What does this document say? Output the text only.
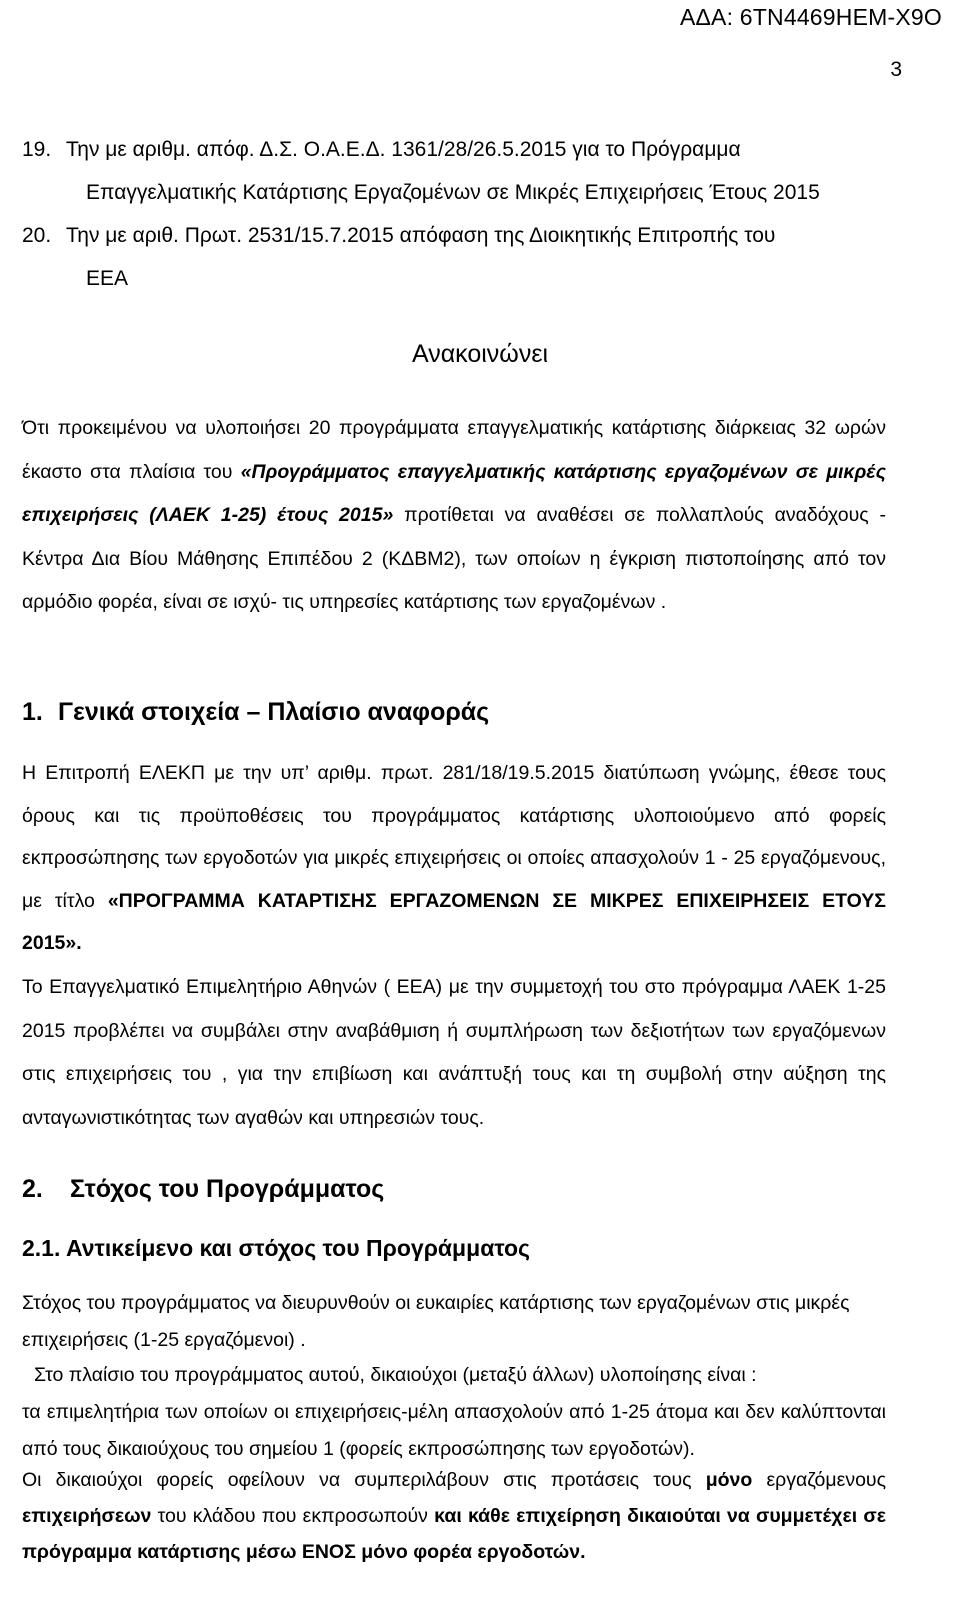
ΑΔΑ: 6ΤΝ4469ΗΕΜ-Χ9Ο
3
19. Την με αριθμ. απόφ. Δ.Σ. Ο.Α.Ε.Δ. 1361/28/26.5.2015 για το Πρόγραμμα
Επαγγελματικής Κατάρτισης Εργαζομένων σε Μικρές Επιχειρήσεις Έτους 2015
20. Την με αριθ. Πρωτ. 2531/15.7.2015 απόφαση της Διοικητικής Επιτροπής του
ΕΕΑ
Ανακοινώνει
Ότι προκειμένου να υλοποιήσει 20 προγράμματα επαγγελματικής κατάρτισης διάρκειας 32 ωρών έκαστο στα πλαίσια του «Προγράμματος επαγγελματικής κατάρτισης εργαζομένων σε μικρές επιχειρήσεις (ΛΑΕΚ 1-25) έτους 2015» προτίθεται να αναθέσει σε πολλαπλούς αναδόχους - Κέντρα Δια Βίου Μάθησης Επιπέδου 2 (ΚΔΒΜ2), των οποίων η έγκριση πιστοποίησης από τον αρμόδιο φορέα, είναι σε ισχύ- τις υπηρεσίες κατάρτισης των εργαζομένων .
1. Γενικά στοιχεία – Πλαίσιο αναφοράς
Η Επιτροπή ΕΛΕΚΠ με την υπ’ αριθμ. πρωτ. 281/18/19.5.2015 διατύπωση γνώμης, έθεσε τους όρους και τις προϋποθέσεις του προγράμματος κατάρτισης υλοποιούμενο από φορείς εκπροσώπησης των εργοδοτών για μικρές επιχειρήσεις οι οποίες απασχολούν 1 - 25 εργαζόμενους, με τίτλο «ΠΡΟΓΡΑΜΜΑ ΚΑΤΑΡΤΙΣΗΣ ΕΡΓΑΖΟΜΕΝΩΝ ΣΕ ΜΙΚΡΕΣ ΕΠΙΧΕΙΡΗΣΕΙΣ ΕΤΟΥΣ 2015».
Το Επαγγελματικό Επιμελητήριο Αθηνών ( ΕΕΑ) με την συμμετοχή του στο πρόγραμμα ΛΑΕΚ 1-25 2015 προβλέπει να συμβάλει στην αναβάθμιση ή συμπλήρωση των δεξιοτήτων των εργαζόμενων στις επιχειρήσεις του , για την επιβίωση και ανάπτυξή τους και τη συμβολή στην αύξηση της ανταγωνιστικότητας των αγαθών και υπηρεσιών τους.
2. Στόχος του Προγράμματος
2.1. Αντικείμενο και στόχος του Προγράμματος
Στόχος του προγράμματος να διευρυνθούν οι ευκαιρίες κατάρτισης των εργαζομένων στις μικρές επιχειρήσεις (1-25 εργαζόμενοι) .
Στο πλαίσιο του προγράμματος αυτού, δικαιούχοι (μεταξύ άλλων) υλοποίησης είναι :
τα επιμελητήρια των οποίων οι επιχειρήσεις-μέλη απασχολούν από 1-25 άτομα και δεν καλύπτονται από τους δικαιούχους του σημείου 1 (φορείς εκπροσώπησης των εργοδοτών).
Οι δικαιούχοι φορείς οφείλουν να συμπεριλάβουν στις προτάσεις τους μόνο εργαζόμενους επιχειρήσεων του κλάδου που εκπροσωπούν και κάθε επιχείρηση δικαιούται να συμμετέχει σε πρόγραμμα κατάρτισης μέσω ΕΝΟΣ μόνο φορέα εργοδοτών.
